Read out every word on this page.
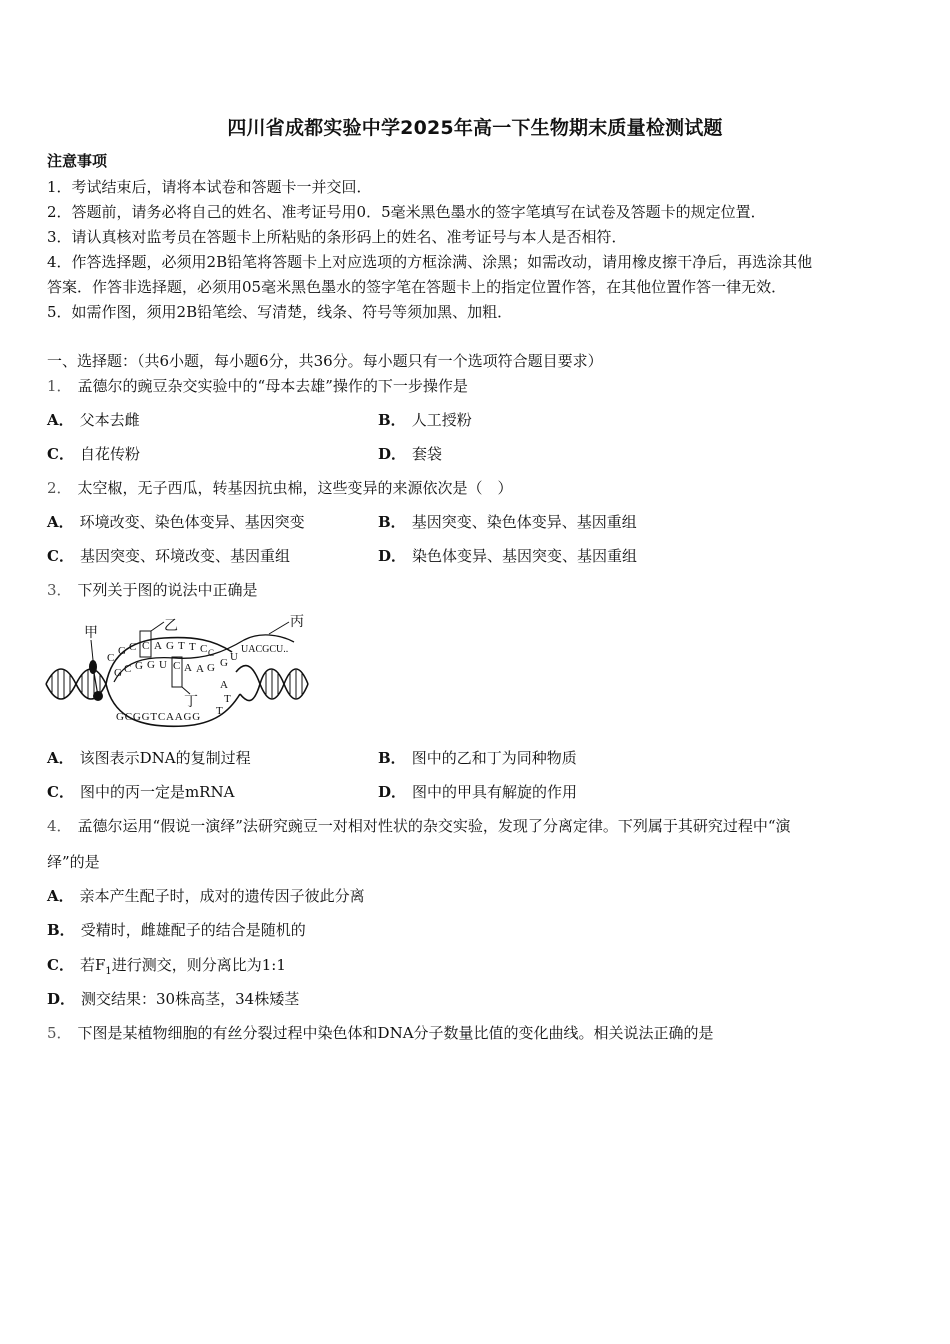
四川省成都实验中学2025年高一下生物期末质量检测试题
注意事项
1．考试结束后，请将本试卷和答题卡一并交回．
2．答题前，请务必将自己的姓名、准考证号用0．5毫米黑色墨水的签字笔填写在试卷及答题卡的规定位置．
3．请认真核对监考员在答题卡上所粘贴的条形码上的姓名、准考证号与本人是否相符．
4．作答选择题，必须用2B铅笔将答题卡上对应选项的方框涂满、涂黑；如需改动，请用橡皮擦干净后，再选涂其他
答案．作答非选择题，必须用05毫米黑色墨水的签字笔在答题卡上的指定位置作答，在其他位置作答一律无效．
5．如需作图，须用2B铅笔绘、写清楚，线条、符号等须加黑、加粗．
一、选择题：（共6小题，每小题6分，共36分。每小题只有一个选项符合题目要求）
1． 孟德尔的豌豆杂交实验中的“母本去雄”操作的下一步操作是
A． 父本去雌	B． 人工授粉
C． 自花传粉	D． 套袋
2． 太空椒，无子西瓜，转基因抗虫棉，这些变异的来源依次是（　）
A． 环境改变、染色体变异、基因突变	B． 基因突变、染色体变异、基因重组
C． 基因突变、环境改变、基因重组	D． 染色体变异、基因突变、基因重组
3． 下列关于图的说法中正确是
甲	乙	丙
丁
C
G C C A G T T C C
G C G G U C A A G
GCGGTCAAGG
UACGCU..
G U
A
T
T
A． 该图表示DNA的复制过程	B． 图中的乙和丁为同种物质
C． 图中的丙一定是mRNA	D． 图中的甲具有解旋的作用
4． 孟德尔运用“假说一演绎”法研究豌豆一对相对性状的杂交实验，发现了分离定律。下列属于其研究过程中“演
绎”的是
A． 亲本产生配子时，成对的遗传因子彼此分离
B． 受精时，雌雄配子的结合是随机的
C． 若$F_1$进行测交，则分离比为1:1
D． 测交结果：30株高茎，34株矮茎
5． 下图是某植物细胞的有丝分裂过程中染色体和DNA分子数量比值的变化曲线。相关说法正确的是
